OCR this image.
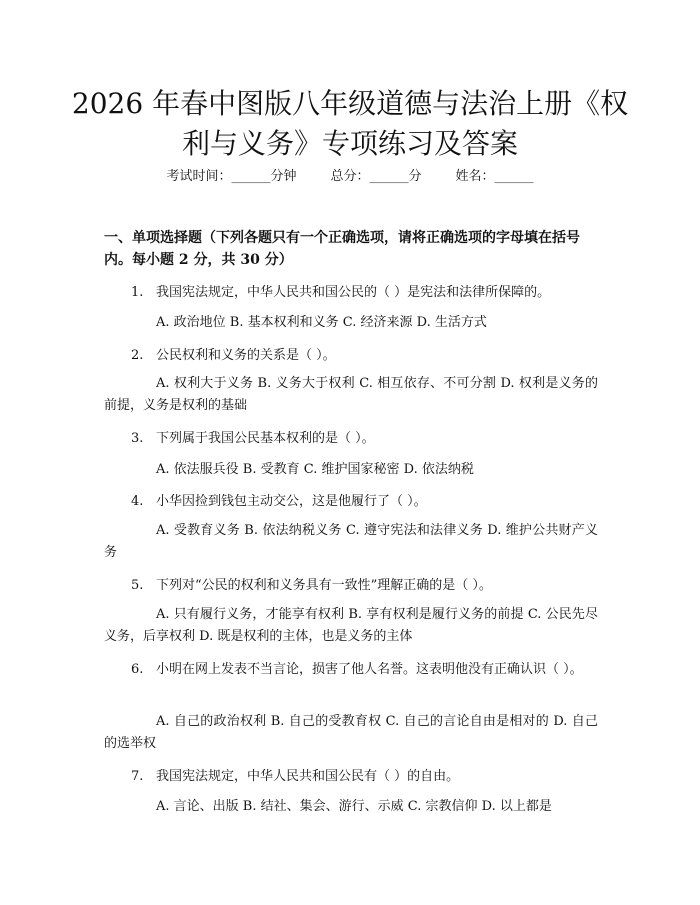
2026 年春中图版八年级道德与法治上册《权利与义务》专项练习及答案
考试时间：______分钟	总分：______分	姓名：______
一、单项选择题（下列各题只有一个正确选项，请将正确选项的字母填在括号内。每小题 2 分，共 30 分）
1. 我国宪法规定，中华人民共和国公民的（ ）是宪法和法律所保障的。
A. 政治地位 B. 基本权利和义务 C. 经济来源 D. 生活方式
2. 公民权利和义务的关系是（ ）。
A. 权利大于义务 B. 义务大于权利 C. 相互依存、不可分割 D. 权利是义务的前提，义务是权利的基础
3. 下列属于我国公民基本权利的是（ ）。
A. 依法服兵役 B. 受教育 C. 维护国家秘密 D. 依法纳税
4. 小华因捡到钱包主动交公，这是他履行了（ ）。
A. 受教育义务 B. 依法纳税义务 C. 遵守宪法和法律义务 D. 维护公共财产义务
5. 下列对“公民的权利和义务具有一致性”理解正确的是（ ）。
A. 只有履行义务，才能享有权利 B. 享有权利是履行义务的前提 C. 公民先尽义务，后享权利 D. 既是权利的主体，也是义务的主体
6. 小明在网上发表不当言论，损害了他人名誉。这表明他没有正确认识（ ）。
A. 自己的政治权利 B. 自己的受教育权 C. 自己的言论自由是相对的 D. 自己的选举权
7. 我国宪法规定，中华人民共和国公民有（ ）的自由。
A. 言论、出版 B. 结社、集会、游行、示威 C. 宗教信仰 D. 以上都是
